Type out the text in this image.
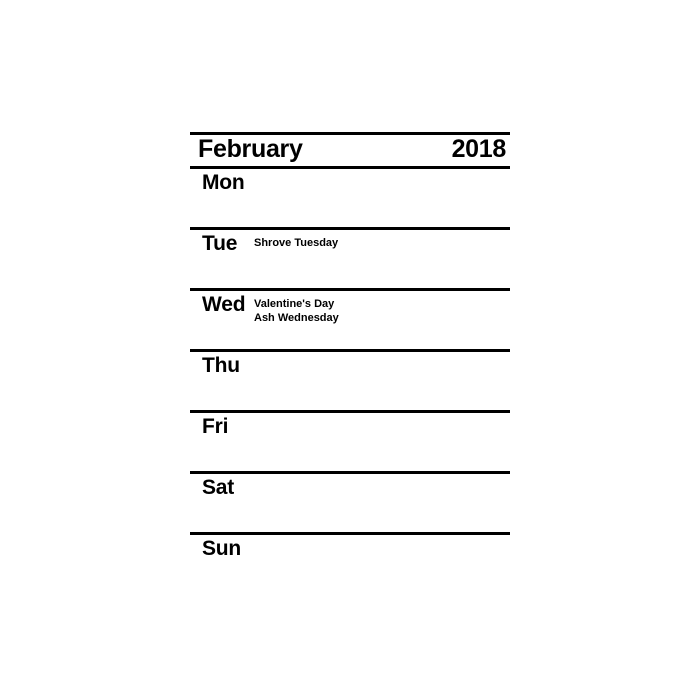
February	2018
Mon
Tue Shrove Tuesday
Wed Valentine's Day
Ash Wednesday
Thu
Fri
Sat
Sun
